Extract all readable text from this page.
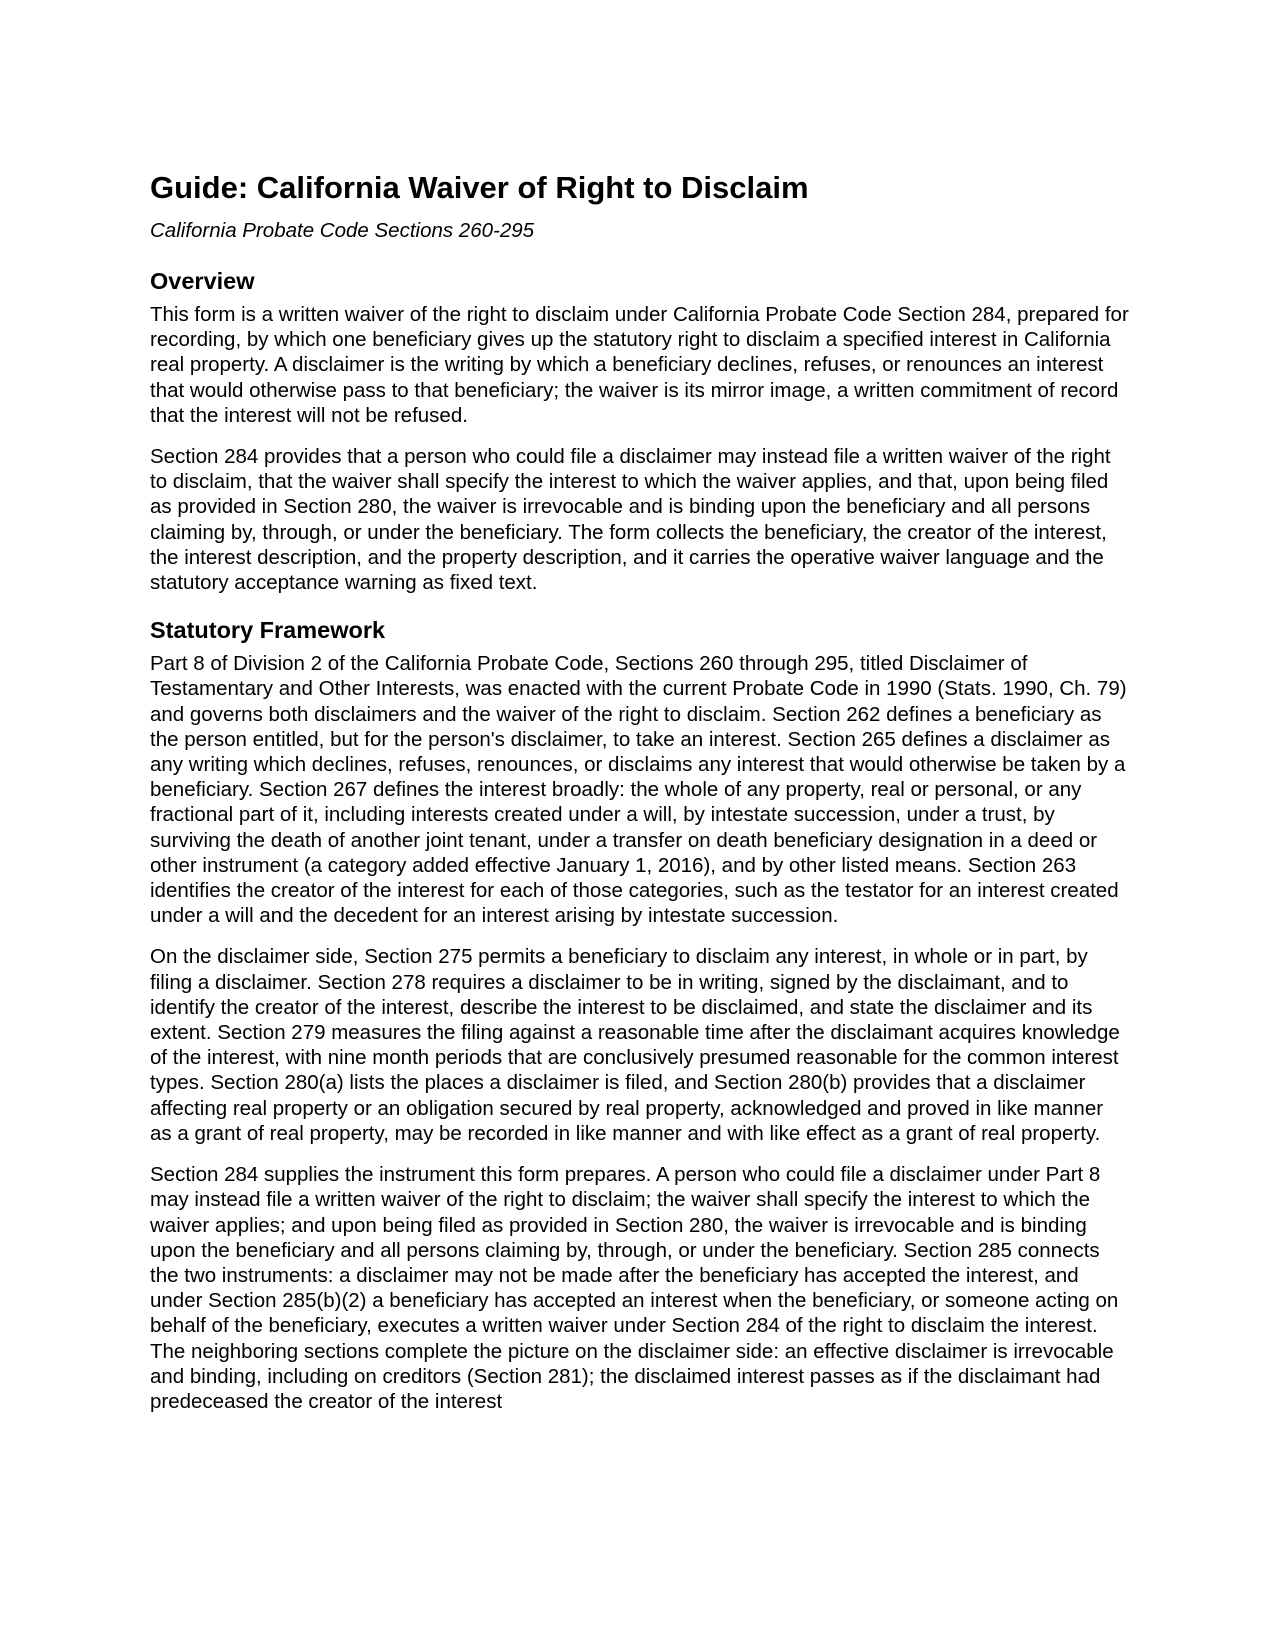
Guide: California Waiver of Right to Disclaim
California Probate Code Sections 260-295
Overview

This form is a written waiver of the right to disclaim under California Probate Code Section 284, prepared for recording, by which one beneficiary gives up the statutory right to disclaim a specified interest in California real property. A disclaimer is the writing by which a beneficiary declines, refuses, or renounces an interest that would otherwise pass to that beneficiary; the waiver is its mirror image, a written commitment of record that the interest will not be refused.

Section 284 provides that a person who could file a disclaimer may instead file a written waiver of the right to disclaim, that the waiver shall specify the interest to which the waiver applies, and that, upon being filed as provided in Section 280, the waiver is irrevocable and is binding upon the beneficiary and all persons claiming by, through, or under the beneficiary. The form collects the beneficiary, the creator of the interest, the interest description, and the property description, and it carries the operative waiver language and the statutory acceptance warning as fixed text.

Statutory Framework

Part 8 of Division 2 of the California Probate Code, Sections 260 through 295, titled Disclaimer of Testamentary and Other Interests, was enacted with the current Probate Code in 1990 (Stats. 1990, Ch. 79) and governs both disclaimers and the waiver of the right to disclaim. Section 262 defines a beneficiary as the person entitled, but for the person's disclaimer, to take an interest. Section 265 defines a disclaimer as any writing which declines, refuses, renounces, or disclaims any interest that would otherwise be taken by a beneficiary. Section 267 defines the interest broadly: the whole of any property, real or personal, or any fractional part of it, including interests created under a will, by intestate succession, under a trust, by surviving the death of another joint tenant, under a transfer on death beneficiary designation in a deed or other instrument (a category added effective January 1, 2016), and by other listed means. Section 263 identifies the creator of the interest for each of those categories, such as the testator for an interest created under a will and the decedent for an interest arising by intestate succession.

On the disclaimer side, Section 275 permits a beneficiary to disclaim any interest, in whole or in part, by filing a disclaimer. Section 278 requires a disclaimer to be in writing, signed by the disclaimant, and to identify the creator of the interest, describe the interest to be disclaimed, and state the disclaimer and its extent. Section 279 measures the filing against a reasonable time after the disclaimant acquires knowledge of the interest, with nine month periods that are conclusively presumed reasonable for the common interest types. Section 280(a) lists the places a disclaimer is filed, and Section 280(b) provides that a disclaimer affecting real property or an obligation secured by real property, acknowledged and proved in like manner as a grant of real property, may be recorded in like manner and with like effect as a grant of real property.

Section 284 supplies the instrument this form prepares. A person who could file a disclaimer under Part 8 may instead file a written waiver of the right to disclaim; the waiver shall specify the interest to which the waiver applies; and upon being filed as provided in Section 280, the waiver is irrevocable and is binding upon the beneficiary and all persons claiming by, through, or under the beneficiary. Section 285 connects the two instruments: a disclaimer may not be made after the beneficiary has accepted the interest, and under Section 285(b)(2) a beneficiary has accepted an interest when the beneficiary, or someone acting on behalf of the beneficiary, executes a written waiver under Section 284 of the right to disclaim the interest. The neighboring sections complete the picture on the disclaimer side: an effective disclaimer is irrevocable and binding, including on creditors (Section 281); the disclaimed interest passes as if the disclaimant had predeceased the creator of the interest
